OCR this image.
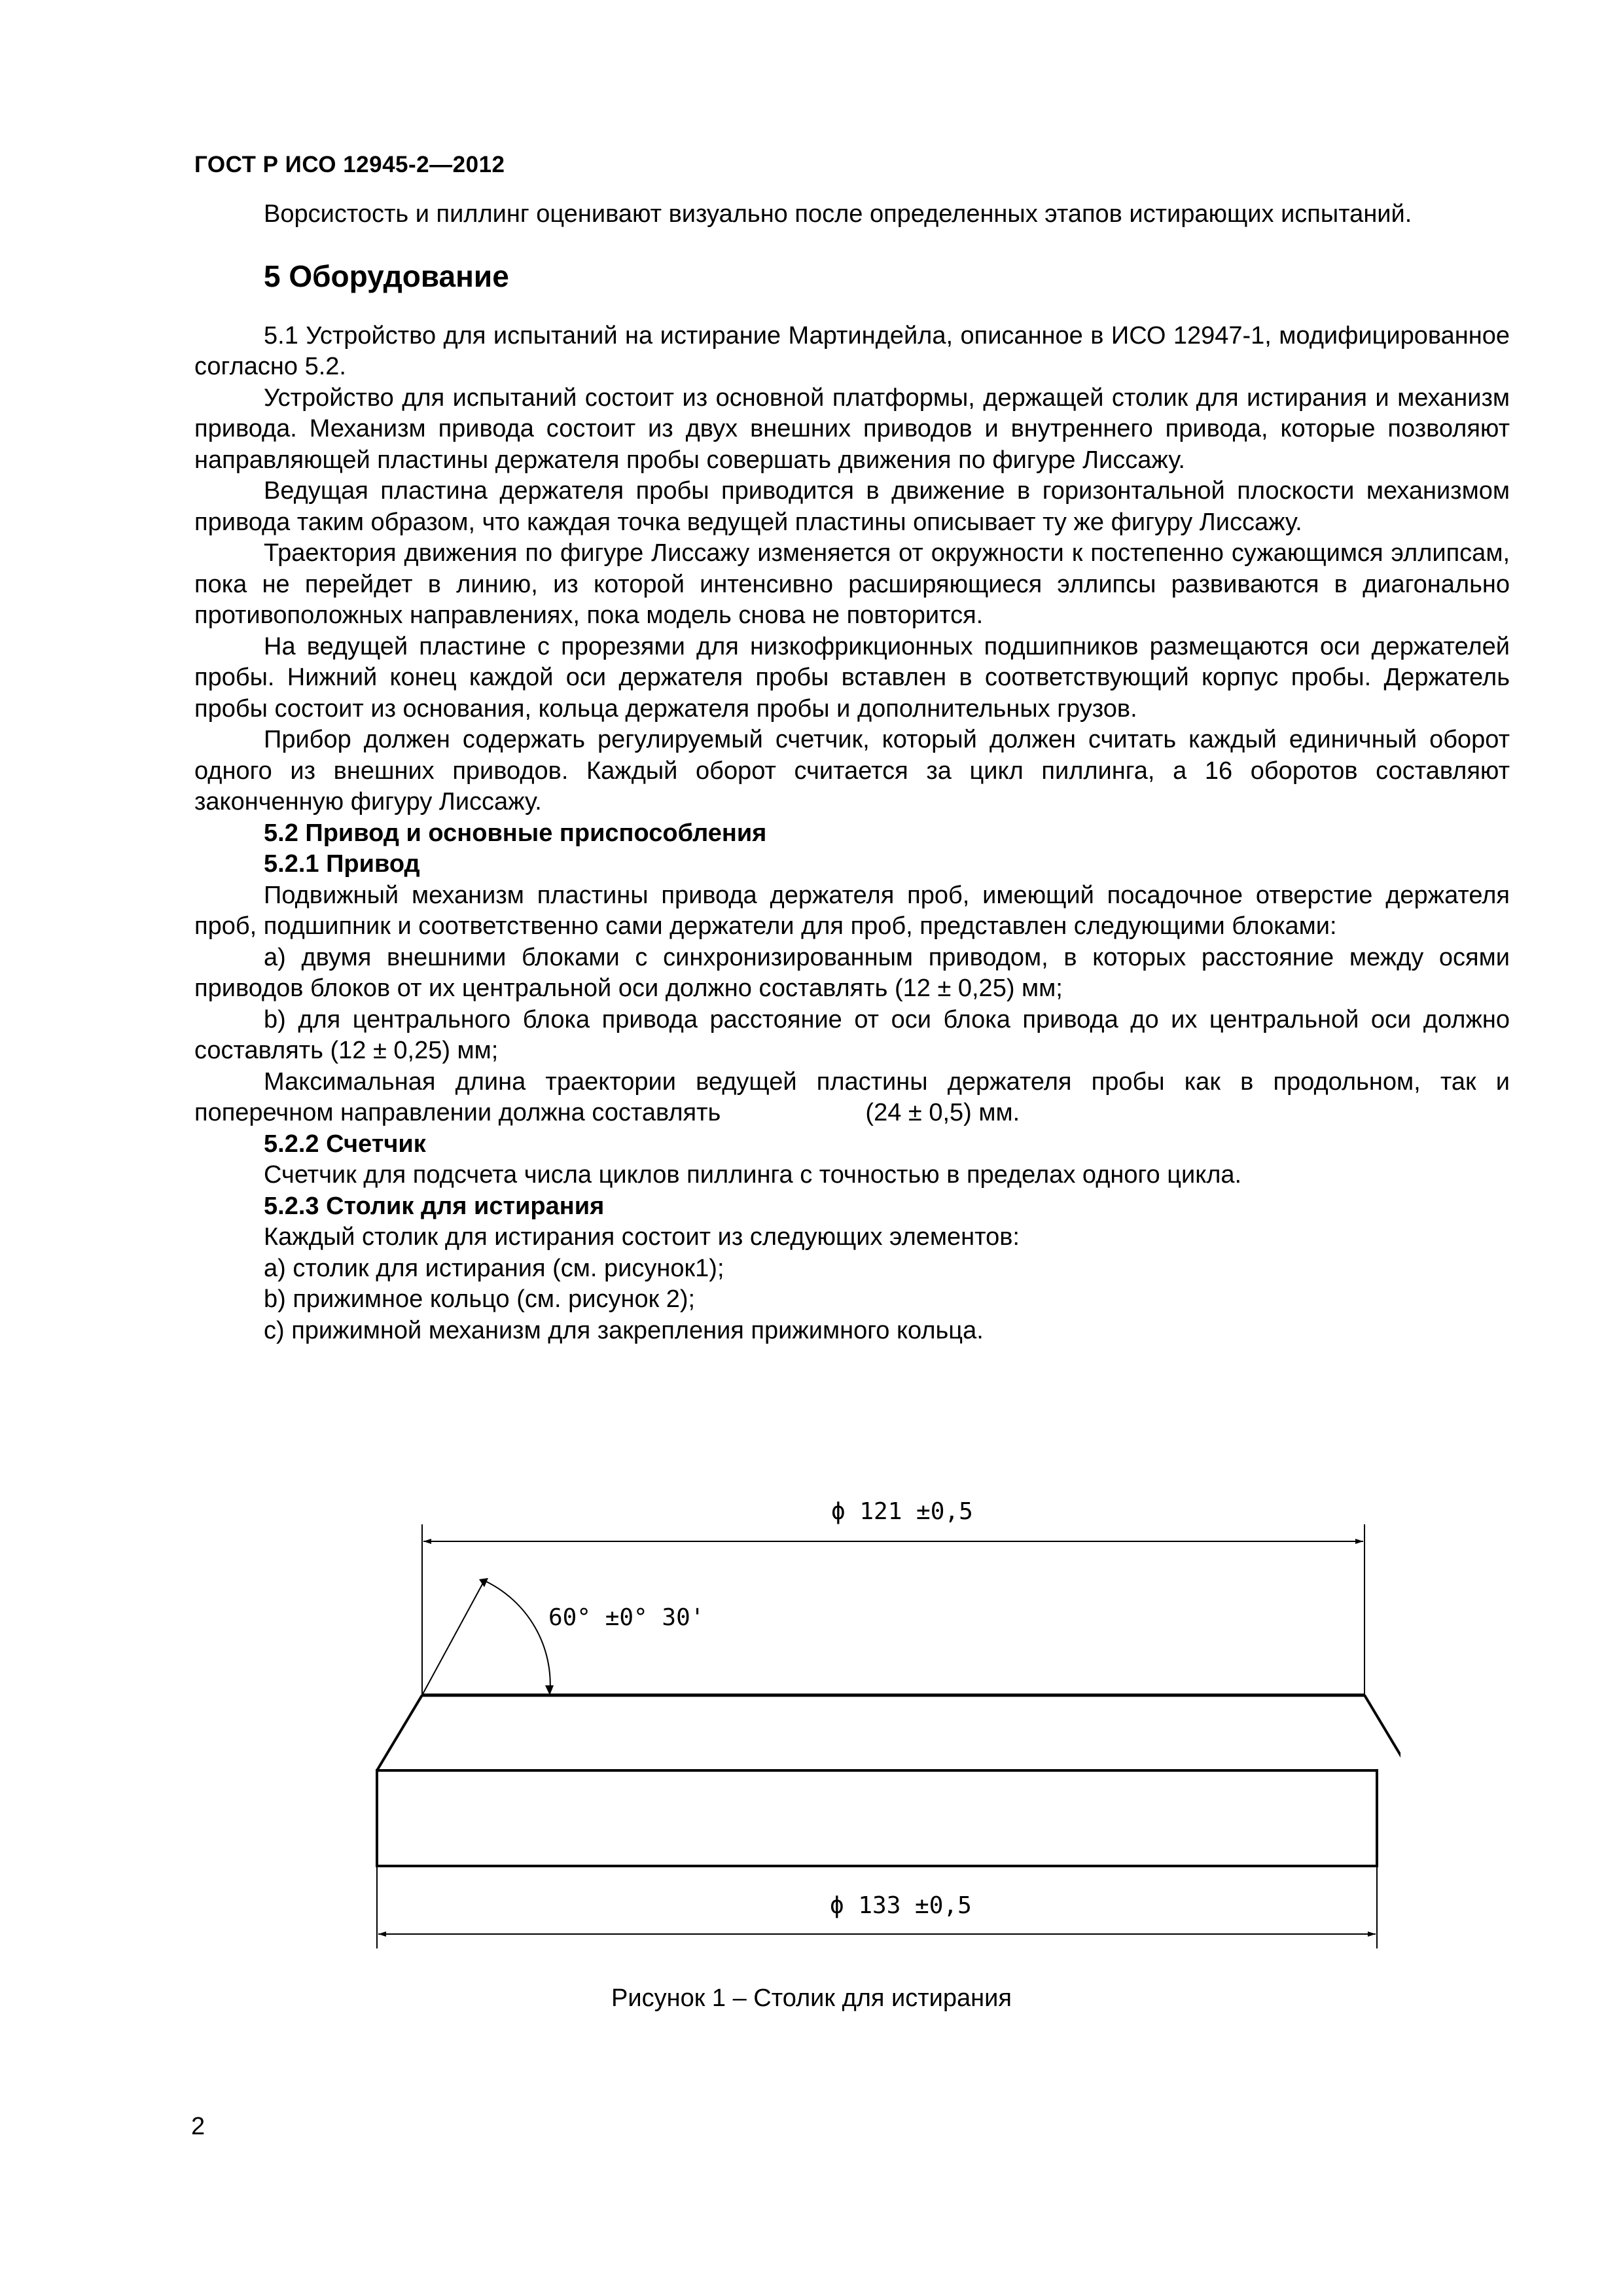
ГОСТ Р ИСО 12945-2—2012

Ворсистость и пиллинг оценивают визуально после определенных этапов истирающих испытаний.

5 Оборудование

5.1 Устройство для испытаний на истирание Мартиндейла, описанное в ИСО 12947-1, модифицированное согласно 5.2.

Устройство для испытаний состоит из основной платформы, держащей столик для истирания и механизм привода. Механизм привода состоит из двух внешних приводов и внутреннего привода, которые позволяют направляющей пластины держателя пробы совершать движения по фигуре Лиссажу.

Ведущая пластина держателя пробы приводится в движение в горизонтальной плоскости механизмом привода таким образом, что каждая точка ведущей пластины описывает ту же фигуру Лиссажу.

Траектория движения по фигуре Лиссажу изменяется от окружности к постепенно сужающимся эллипсам, пока не перейдет в линию, из которой интенсивно расширяющиеся эллипсы развиваются в диагонально противоположных направлениях, пока модель снова не повторится.

На ведущей пластине с прорезями для низкофрикционных подшипников размещаются оси держателей пробы. Нижний конец каждой оси держателя пробы вставлен в соответствующий корпус пробы. Держатель пробы состоит из основания, кольца держателя пробы и дополнительных грузов.

Прибор должен содержать регулируемый счетчик, который должен считать каждый единичный оборот одного из внешних приводов. Каждый оборот считается за цикл пиллинга, а 16 оборотов составляют законченную фигуру Лиссажу.

5.2 Привод и основные приспособления

5.2.1 Привод

Подвижный механизм пластины привода держателя проб, имеющий посадочное отверстие держателя проб, подшипник и соответственно сами держатели для проб, представлен следующими блоками:

а) двумя внешними блоками с синхронизированным приводом, в которых расстояние между осями приводов блоков от их центральной оси должно составлять (12 ± 0,25) мм;

b) для центрального блока привода расстояние от оси блока привода до их центральной оси должно составлять (12 ± 0,25) мм;

Максимальная длина траектории ведущей пластины держателя пробы как в продольном, так и поперечном направлении должна составлять	(24 ± 0,5) мм.

5.2.2 Счетчик

Счетчик для подсчета числа циклов пиллинга с точностью в пределах одного цикла.

5.2.3 Столик для истирания

Каждый столик для истирания состоит из следующих элементов:

а) столик для истирания (см. рисунок1);

b) прижимное кольцо (см. рисунок 2);

с) прижимной механизм для закрепления прижимного кольца.

ϕ 121 ±0,5
60° ±0° 30'
ϕ 133 ±0,5
Рисунок 1 – Столик для истирания
2
